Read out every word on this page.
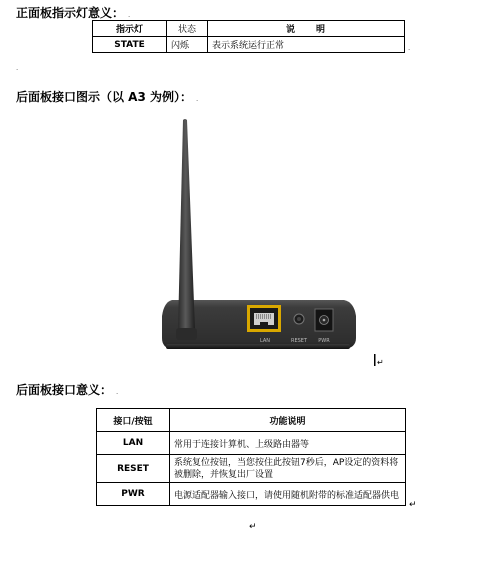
正面板指示灯意义： .
指示灯	状态	说　　明
STATE	闪烁	表示系统运行正常	.
.
后面板接口图示（以 A3 为例）： .
LAN	RESET PWR
↵
后面板接口意义： .
接口/按钮	功能说明
LAN	常用于连接计算机、上级路由器等
RESET	系统复位按钮，当您按住此按钮7秒后，AP设定的资料将被删除，并恢复出厂设置
PWR	电源适配器输入接口，请使用随机附带的标准适配器供电
↵
↵
